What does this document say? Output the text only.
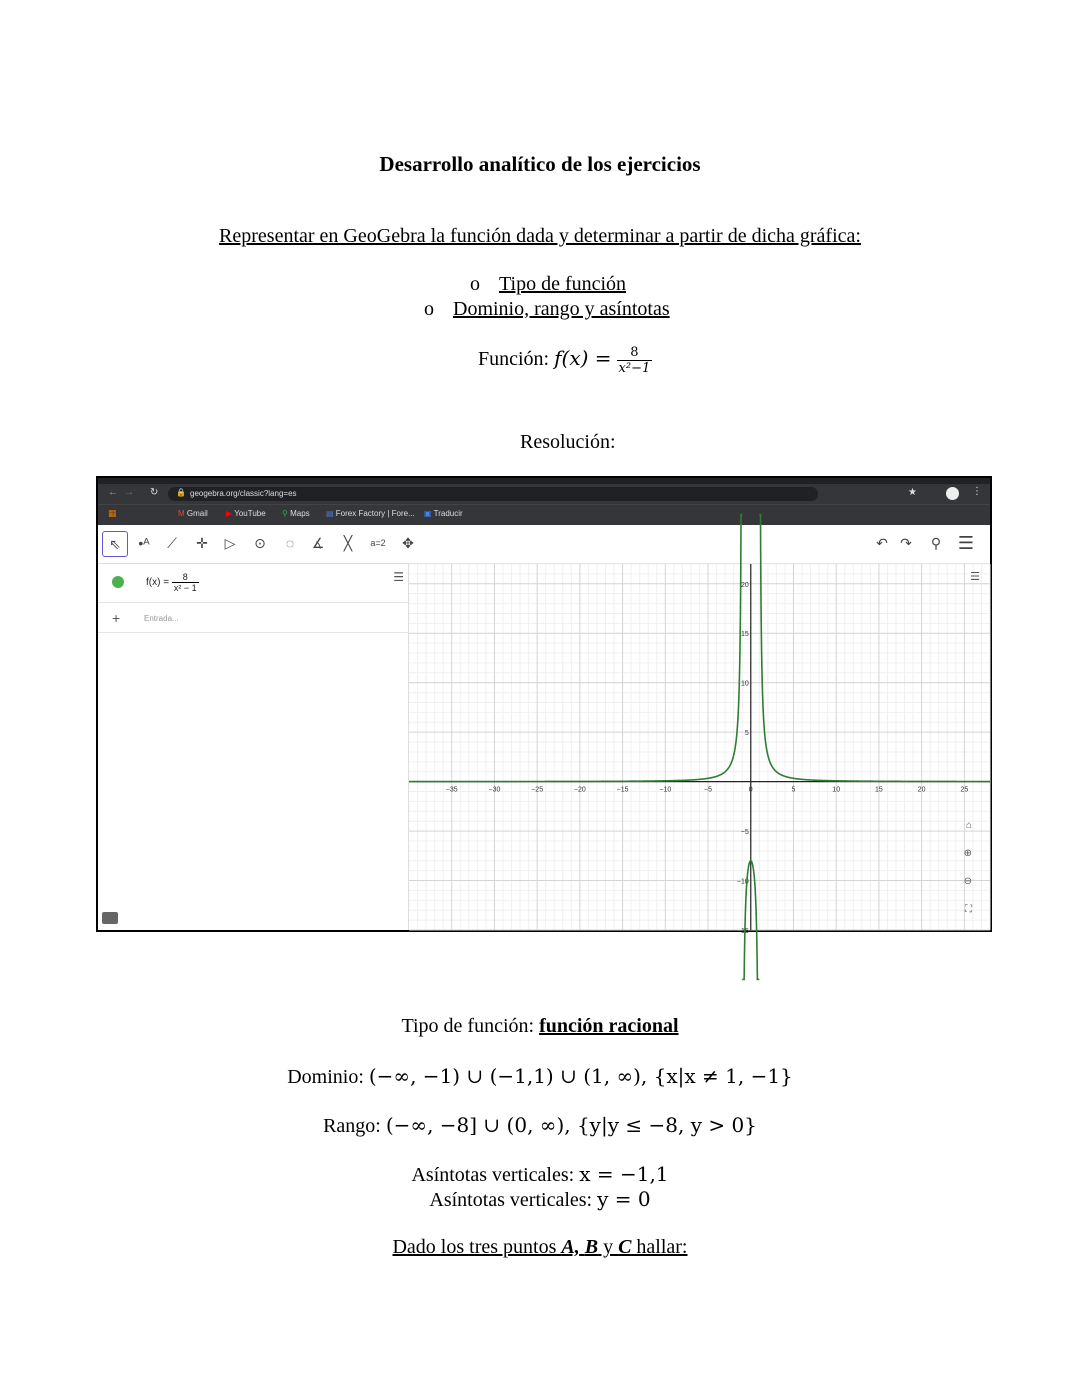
Desarrollo analítico de los ejercicios
Representar en GeoGebra la función dada y determinar a partir de dicha gráfica:
o Tipo de función
o Dominio, rango y asíntotas
Función: $f(x) = \frac{8}{\text{x²−1}}$
Resolución:
← → ↻ 🔒 geogebra.org/classic?lang=es	★	⋮
▦	M Gmail ▶ YouTube ⚲ Maps ▤ Forex Factory | Fore... ▣ Traducir
⇖	•ᴬ	⟋	✛	▷	⊙	◌	∡	╳	a=2	✥	↶ ↷	⚲ ☰
$f(x) = \frac{8}{\text{x² − 1}}$
+	Entrada...
☰
−35	−30	−25	−20	−15	−10	−5	0	5	10	15	20	25
20
15
10
5
−5
−10
−15
☰
⌂
⊕
⊖
⛶
Tipo de función: función racional
Dominio: (−∞, −1) ∪ (−1,1) ∪ (1, ∞), {x|x ≠ 1, −1}
Rango: (−∞, −8] ∪ (0, ∞), {y|y ≤ −8, y > 0}
Asíntotas verticales: x = −1,1
Asíntotas verticales: y = 0
Dado los tres puntos A, B y C hallar:
